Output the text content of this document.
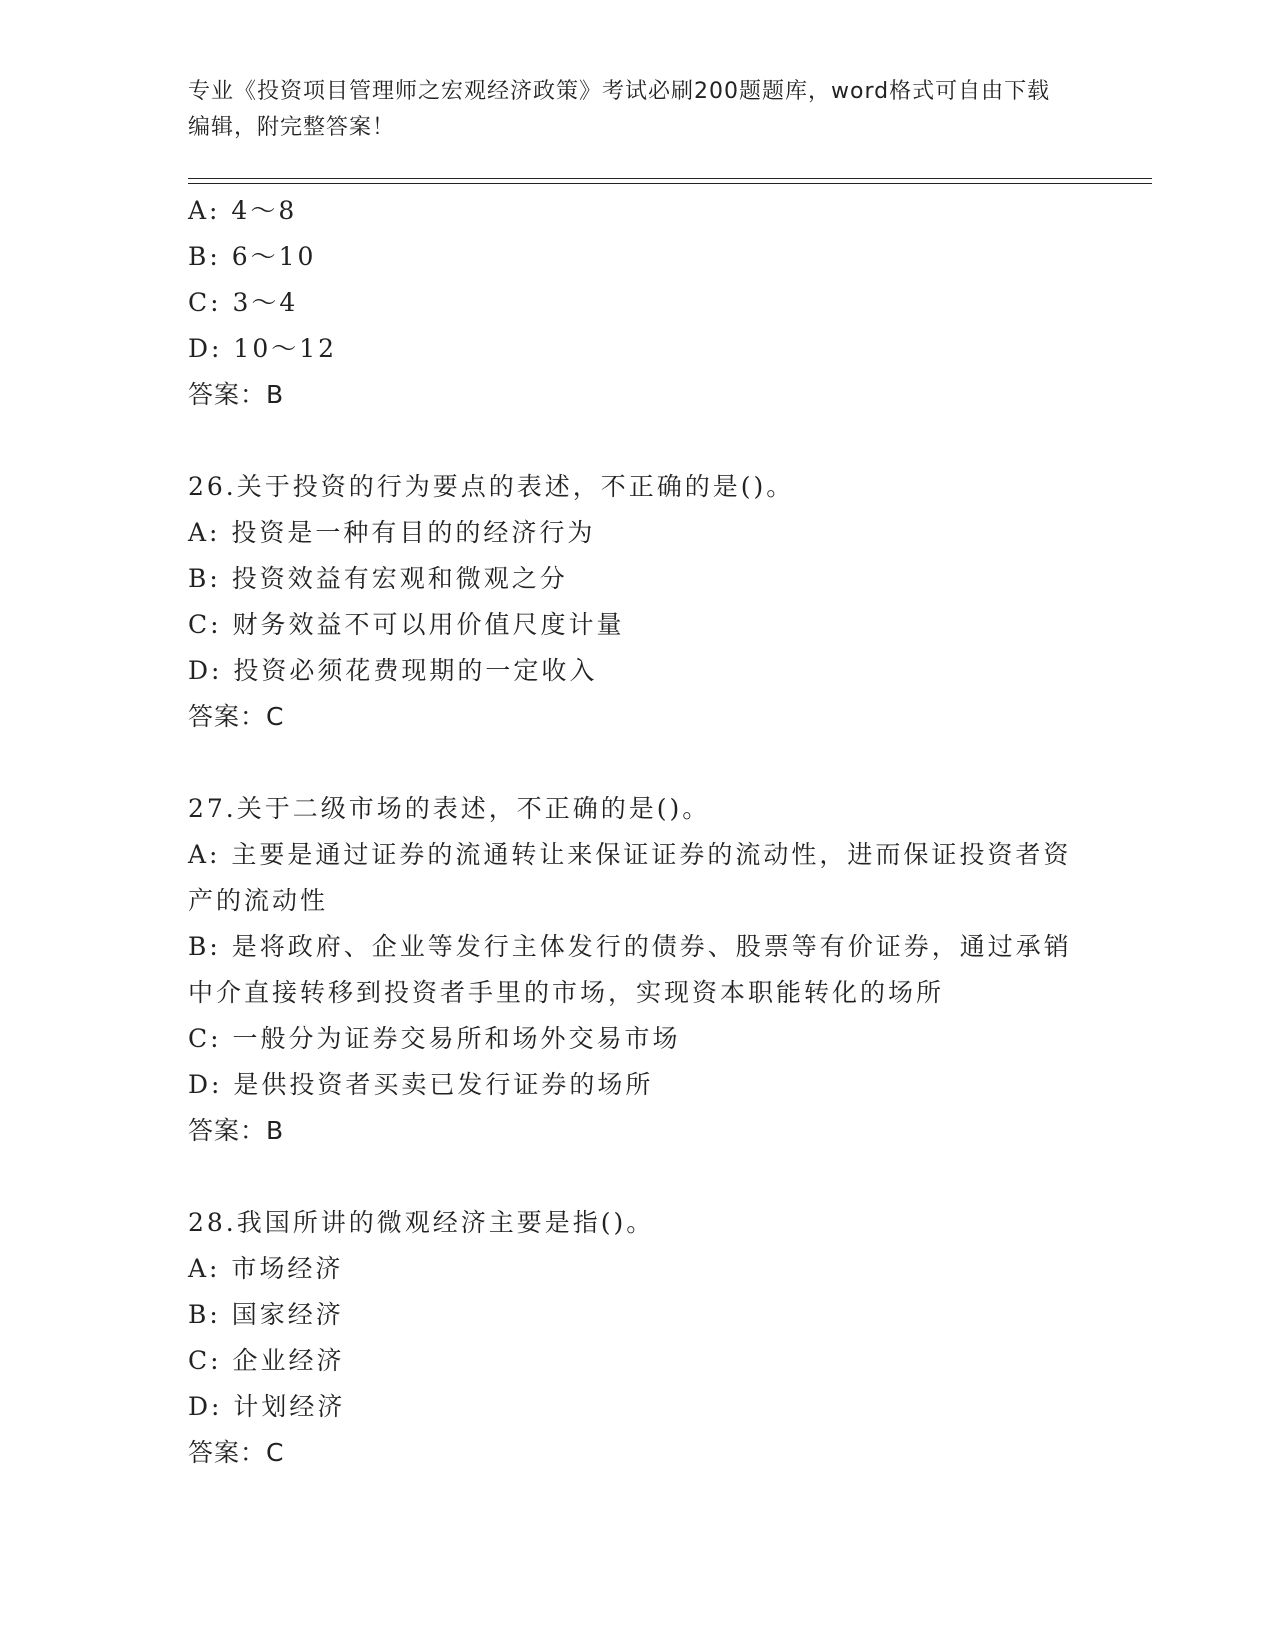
专业《投资项目管理师之宏观经济政策》考试必刷200题题库，word格式可自由下载编辑，附完整答案！
A: 4～8
B: 6～10
C: 3～4
D: 10～12
答案：B
26.关于投资的行为要点的表述，不正确的是()。
A: 投资是一种有目的的经济行为
B: 投资效益有宏观和微观之分
C: 财务效益不可以用价值尺度计量
D: 投资必须花费现期的一定收入
答案：C
27.关于二级市场的表述，不正确的是()。
A: 主要是通过证券的流通转让来保证证券的流动性，进而保证投资者资产的流动性
B: 是将政府、企业等发行主体发行的债券、股票等有价证券，通过承销中介直接转移到投资者手里的市场，实现资本职能转化的场所
C: 一般分为证券交易所和场外交易市场
D: 是供投资者买卖已发行证券的场所
答案：B
28.我国所讲的微观经济主要是指()。
A: 市场经济
B: 国家经济
C: 企业经济
D: 计划经济
答案：C
